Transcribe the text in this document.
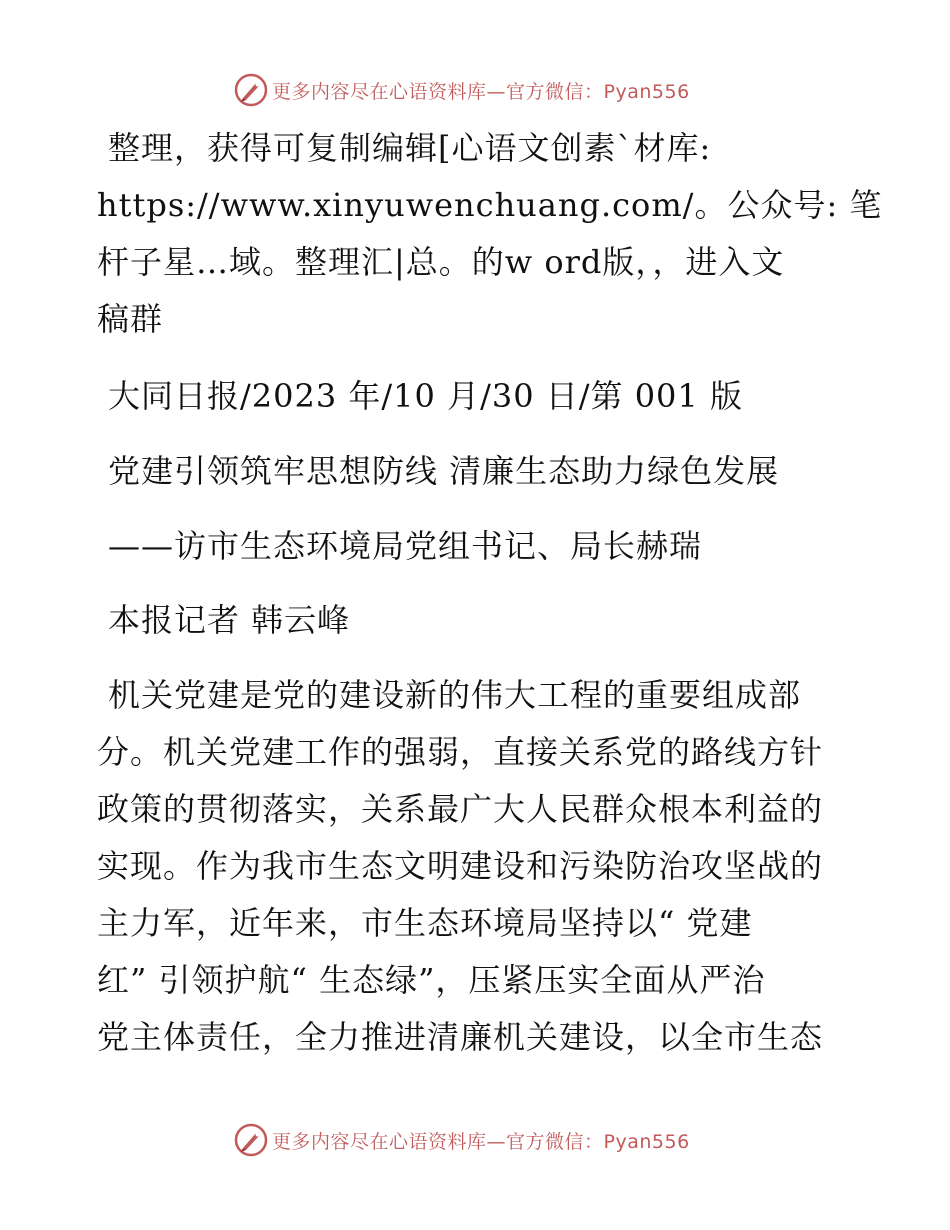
更多内容尽在心语资料库—官方微信：Pyan556
整理，获得可复制编辑[心语文创素`材库:
https://www.xinyuwenchuang.com/。公众号: 笔
杆子星…域。整理汇|总。的w ord版，，进入文
稿群
大同日报/2023 年/10 月/30 日/第 001 版
党建引领筑牢思想防线 清廉生态助力绿色发展
——访市生态环境局党组书记、局长赫瑞
本报记者 韩云峰
机关党建是党的建设新的伟大工程的重要组成部
分。机关党建工作的强弱，直接关系党的路线方针
政策的贯彻落实，关系最广大人民群众根本利益的
实现。作为我市生态文明建设和污染防治攻坚战的
主力军，近年来，市生态环境局坚持以“ 党建
红” 引领护航“ 生态绿”，压紧压实全面从严治
党主体责任，全力推进清廉机关建设，以全市生态
更多内容尽在心语资料库—官方微信：Pyan556
